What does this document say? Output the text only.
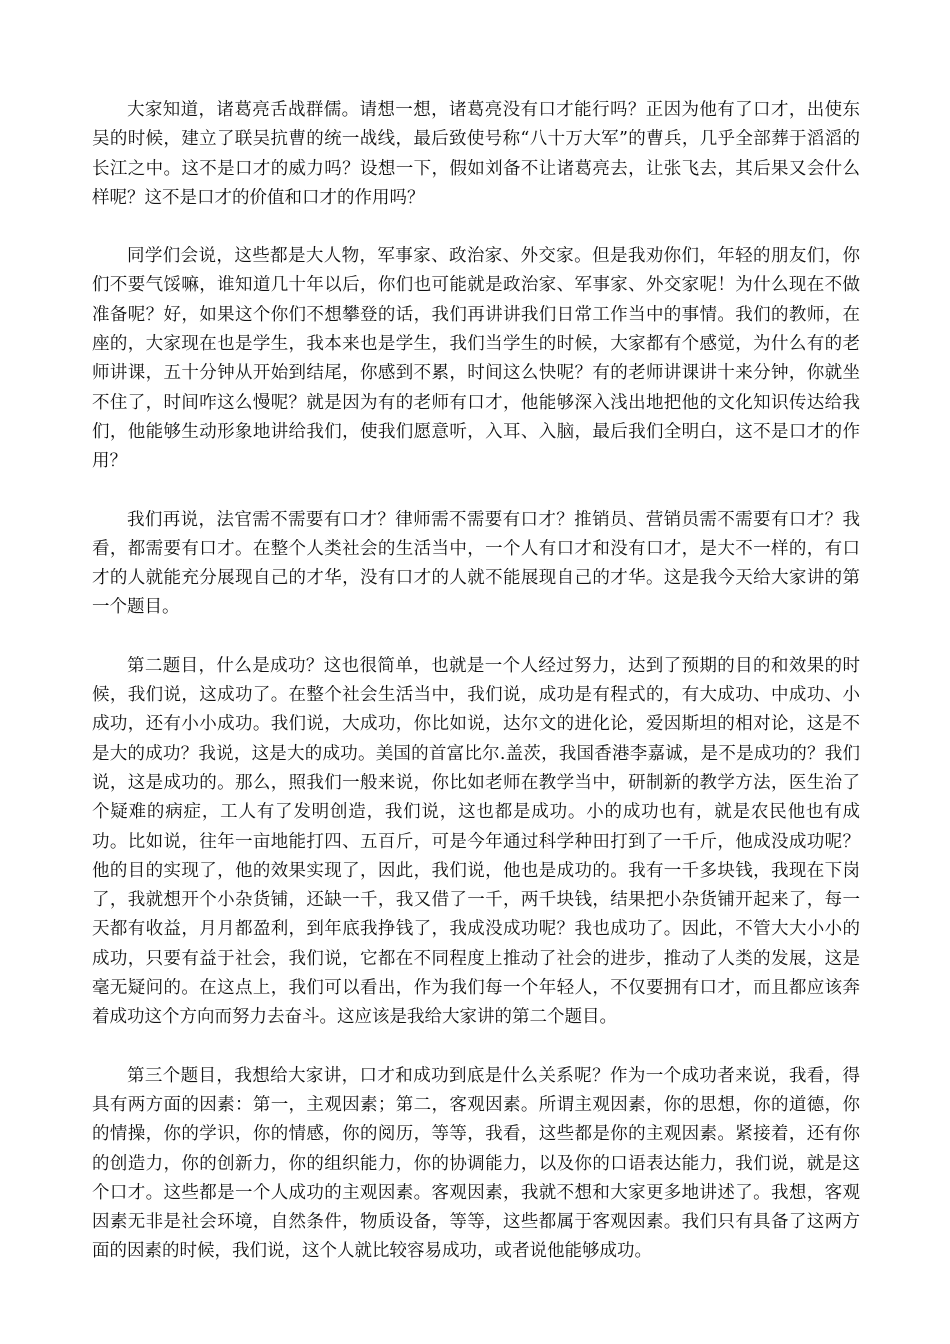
大家知道，诸葛亮舌战群儒。请想一想，诸葛亮没有口才能行吗？正因为他有了口才，出使东吴的时候，建立了联吴抗曹的统一战线，最后致使号称“八十万大军”的曹兵，几乎全部葬于滔滔的长江之中。这不是口才的威力吗？设想一下，假如刘备不让诸葛亮去，让张飞去，其后果又会什么样呢？这不是口才的价值和口才的作用吗？

同学们会说，这些都是大人物，军事家、政治家、外交家。但是我劝你们，年轻的朋友们，你们不要气馁嘛，谁知道几十年以后，你们也可能就是政治家、军事家、外交家呢！为什么现在不做准备呢？好，如果这个你们不想攀登的话，我们再讲讲我们日常工作当中的事情。我们的教师，在座的，大家现在也是学生，我本来也是学生，我们当学生的时候，大家都有个感觉，为什么有的老师讲课，五十分钟从开始到结尾，你感到不累，时间这么快呢？有的老师讲课讲十来分钟，你就坐不住了，时间咋这么慢呢？就是因为有的老师有口才，他能够深入浅出地把他的文化知识传达给我们，他能够生动形象地讲给我们，使我们愿意听，入耳、入脑，最后我们全明白，这不是口才的作用？

我们再说，法官需不需要有口才？律师需不需要有口才？推销员、营销员需不需要有口才？我看，都需要有口才。在整个人类社会的生活当中，一个人有口才和没有口才，是大不一样的，有口才的人就能充分展现自己的才华，没有口才的人就不能展现自己的才华。这是我今天给大家讲的第一个题目。

第二题目，什么是成功？这也很简单，也就是一个人经过努力，达到了预期的目的和效果的时候，我们说，这成功了。在整个社会生活当中，我们说，成功是有程式的，有大成功、中成功、小成功，还有小小成功。我们说，大成功，你比如说，达尔文的进化论，爱因斯坦的相对论，这是不是大的成功？我说，这是大的成功。美国的首富比尔.盖茨，我国香港李嘉诚，是不是成功的？我们说，这是成功的。那么，照我们一般来说，你比如老师在教学当中，研制新的教学方法，医生治了个疑难的病症，工人有了发明创造，我们说，这也都是成功。小的成功也有，就是农民他也有成功。比如说，往年一亩地能打四、五百斤，可是今年通过科学种田打到了一千斤，他成没成功呢？他的目的实现了，他的效果实现了，因此，我们说，他也是成功的。我有一千多块钱，我现在下岗了，我就想开个小杂货铺，还缺一千，我又借了一千，两千块钱，结果把小杂货铺开起来了，每一天都有收益，月月都盈利，到年底我挣钱了，我成没成功呢？我也成功了。因此，不管大大小小的成功，只要有益于社会，我们说，它都在不同程度上推动了社会的进步，推动了人类的发展，这是毫无疑问的。在这点上，我们可以看出，作为我们每一个年轻人，不仅要拥有口才，而且都应该奔着成功这个方向而努力去奋斗。这应该是我给大家讲的第二个题目。

第三个题目，我想给大家讲，口才和成功到底是什么关系呢？作为一个成功者来说，我看，得具有两方面的因素：第一，主观因素；第二，客观因素。所谓主观因素，你的思想，你的道德，你的情操，你的学识，你的情感，你的阅历，等等，我看，这些都是你的主观因素。紧接着，还有你的创造力，你的创新力，你的组织能力，你的协调能力，以及你的口语表达能力，我们说，就是这个口才。这些都是一个人成功的主观因素。客观因素，我就不想和大家更多地讲述了。我想，客观因素无非是社会环境，自然条件，物质设备，等等，这些都属于客观因素。我们只有具备了这两方面的因素的时候，我们说，这个人就比较容易成功，或者说他能够成功。
